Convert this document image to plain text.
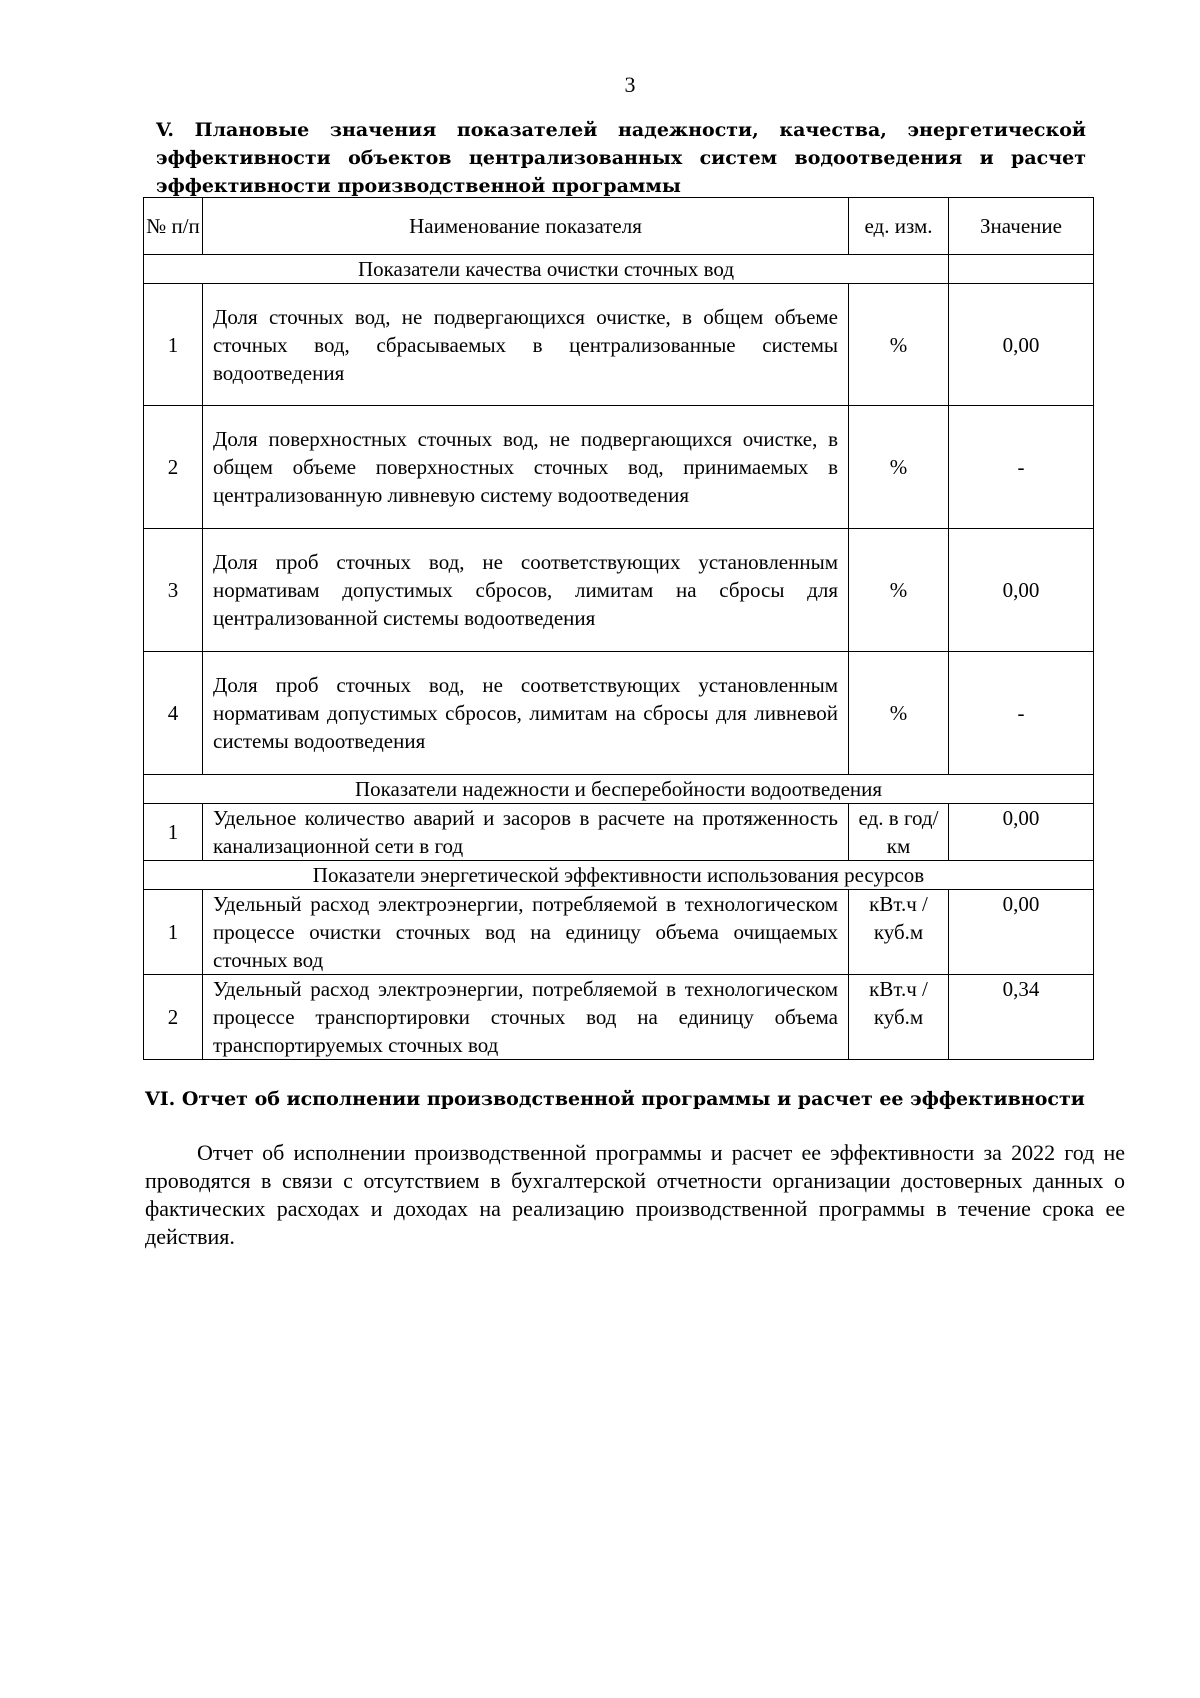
3
V. Плановые значения показателей надежности, качества, энергетической
эффективности объектов централизованных систем водоотведения и расчет
эффективности производственной программы
№ п/п	Наименование показателя	ед. изм.	Значение
Показатели качества очистки сточных вод			
1	Доля сточных вод, не подвергающихся очистке, в общем объеме сточных вод, сбрасываемых в централизованные системы водоотведения	%	0,00
2	Доля поверхностных сточных вод, не подвергающихся очистке, в общем объеме поверхностных сточных вод, принимаемых в централизованную ливневую систему водоотведения	%	-
3	Доля проб сточных вод, не соответствующих установленным нормативам допустимых сбросов, лимитам на сбросы для централизованной системы водоотведения	%	0,00
4	Доля проб сточных вод, не соответствующих установленным нормативам допустимых сбросов, лимитам на сбросы для ливневой системы водоотведения	%	-
Показатели надежности и бесперебойности водоотведения			
1	Удельное количество аварий и засоров в расчете на протяженность канализационной сети в год	ед. в год/ км	0,00
Показатели энергетической эффективности использования ресурсов			
1	Удельный расход электроэнергии, потребляемой в технологическом процессе очистки сточных вод на единицу объема очищаемых сточных вод	кВт.ч / куб.м	0,00
2	Удельный расход электроэнергии, потребляемой в технологическом процессе транспортировки сточных вод на единицу объема транспортируемых сточных вод	кВт.ч / куб.м	0,34
VI. Отчет об исполнении производственной программы и расчет ее эффективности
Отчет об исполнении производственной программы и расчет ее эффективности за 2022 год не проводятся в связи с отсутствием в бухгалтерской отчетности организации достоверных данных о фактических расходах и доходах на реализацию производственной программы в течение срока ее действия.
